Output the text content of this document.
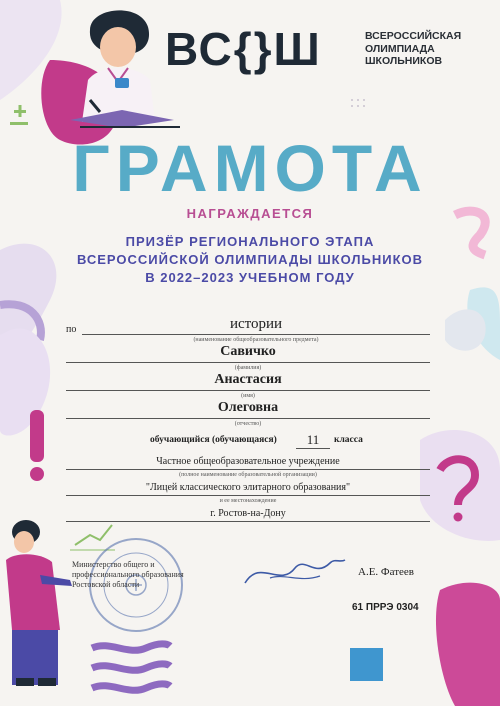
ВС{}Ш	ВСЕРОССИЙСКАЯ
ОЛИМПИАДА
ШКОЛЬНИКОВ
ГРАМОТА
НАГРАЖДАЕТСЯ
ПРИЗЁР РЕГИОНАЛЬНОГО ЭТАПА
ВСЕРОССИЙСКОЙ ОЛИМПИАДЫ ШКОЛЬНИКОВ
В 2022–2023 УЧЕБНОМ ГОДУ
по	истории
(наименование общеобразовательного предмета)
Савичко
(фамилия)
Анастасия
(имя)
Олеговна
(отчество)
обучающийся (обучающаяся)	11	класса
Частное общеобразовательное учреждение
(полное наименование образовательной организации)
"Лицей классического элитарного образования"
и ее местонахождение
г. Ростов-на-Дону
Министерство общего и профессионального образования Ростовской области
А.Е. Фатеев
61 ПРРЭ 0304
